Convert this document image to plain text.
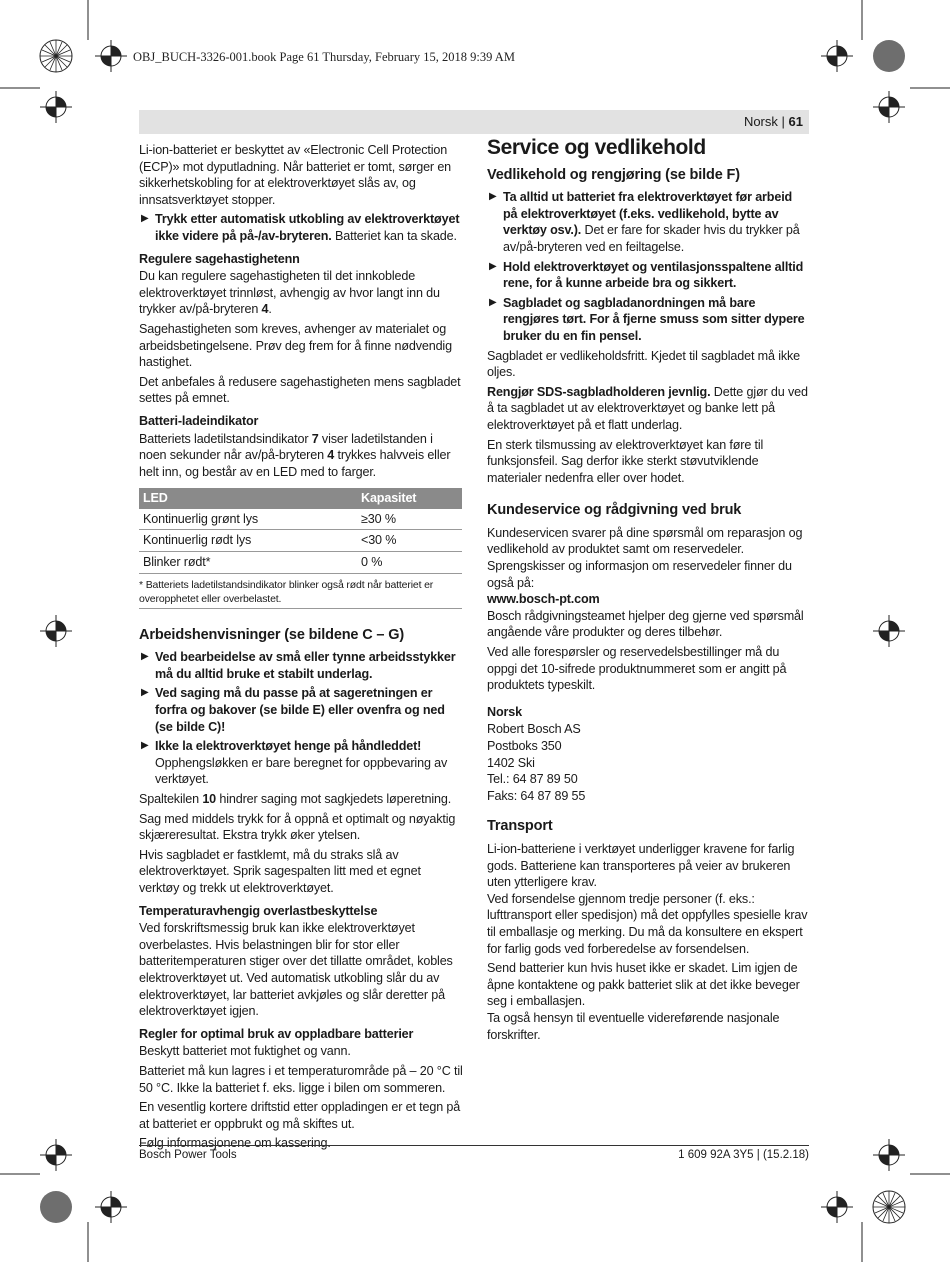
OBJ_BUCH-3326-001.book Page 61 Thursday, February 15, 2018 9:39 AM
Norsk | 61

Li-ion-batteriet er beskyttet av «Electronic Cell Protection (ECP)» mot dyputladning. Når batteriet er tomt, sørger en sikkerhetskobling for at elektroverktøyet slås av, og innsatsverktøyet stopper.

▶ Trykk etter automatisk utkobling av elektroverktøyet ikke videre på på-/av-bryteren. Batteriet kan ta skade.
Regulere sagehastighetenn

Du kan regulere sagehastigheten til det innkobledе elektroverktøyet trinnløst, avhengig av hvor langt inn du trykker av/på-bryteren 4.

Sagehastigheten som kreves, avhenger av materialet og arbeidsbetingelsene. Prøv deg frem for å finne nødvendig hastighet.

Det anbefales å redusere sagehastigheten mens sagbladet settes på emnet.

Batteri-ladeindikator

Batteriets ladetilstandsindikator 7 viser ladetilstanden i noen sekunder når av/på-bryteren 4 trykkes halvveis eller helt inn, og består av en LED med to farger.

LED	Kapasitet
Kontinuerlig grønt lys	≥30 %
Kontinuerlig rødt lys	<30 %
Blinker rødt*	0 %
* Batteriets ladetilstandsindikator blinker også rødt når batteriet er overopphetet eller overbelastet.
Arbeidshenvisninger (se bildene C – G)
▶ Ved bearbeidelse av små eller tynne arbeidsstykker må du alltid bruke et stabilt underlag.
▶ Ved saging må du passe på at sageretningen er forfra og bakover (se bilde E) eller ovenfra og ned (se bilde C)!
▶ Ikke la elektroverktøyet henge på håndleddet! Opphengsløkken er bare beregnet for oppbevaring av verktøyet.

Spaltekilen 10 hindrer saging mot sagkjedets løperetning.

Sag med middels trykk for å oppnå et optimalt og nøyaktig skjæreresultat. Ekstra trykk øker ytelsen.

Hvis sagbladet er fastklemt, må du straks slå av elektroverktøyet. Sprik sagespalten litt med et egnet verktøy og trekk ut elektroverktøyet.

Temperaturavhengig overlastbeskyttelse

Ved forskriftsmessig bruk kan ikke elektroverktøyet overbelastes. Hvis belastningen blir for stor eller batteritemperaturen stiger over det tillatte området, kobles elektroverktøyet ut. Ved automatisk utkobling slår du av elektroverktøyet, lar batteriet avkjøles og slår deretter på elektroverktøyet igjen.

Regler for optimal bruk av oppladbare batterier

Beskytt batteriet mot fuktighet og vann.

Batteriet må kun lagres i et temperaturområde på – 20 °C til 50 °C. Ikke la batteriet f. eks. ligge i bilen om sommeren.

En vesentlig kortere driftstid etter oppladingen er et tegn på at batteriet er oppbrukt og må skiftes ut.

Følg informasjonene om kassering.

Service og vedlikehold
Vedlikehold og rengjøring (se bilde F)
▶ Ta alltid ut batteriet fra elektroverktøyet før arbeid på elektroverktøyet (f.eks. vedlikehold, bytte av verktøy osv.). Det er fare for skader hvis du trykker på av/på-bryteren ved en feiltagelse.
▶ Hold elektroverktøyet og ventilasjonsspaltene alltid rene, for å kunne arbeide bra og sikkert.
▶ Sagbladet og sagbladanordningen må bare rengjøres tørt. For å fjerne smuss som sitter dypere bruker du en fin pensel.

Sagbladet er vedlikeholdsfritt. Kjedet til sagbladet må ikke oljes.

Rengjør SDS-sagbladholderen jevnlig. Dette gjør du ved å ta sagbladet ut av elektroverktøyet og banke lett på elektroverktøyet på et flatt underlag.

En sterk tilsmussing av elektroverktøyet kan føre til funksjonsfeil. Sag derfor ikke sterkt støvutviklende materialer nedenfra eller over hodet.

Kundeservice og rådgivning ved bruk

Kundeservicen svarer på dine spørsmål om reparasjon og vedlikehold av produktet samt om reservedeler. Sprengskisser og informasjon om reservedeler finner du også på:

www.bosch-pt.com

Bosch rådgivningsteamet hjelper deg gjerne ved spørsmål angående våre produkter og deres tilbehør.

Ved alle forespørsler og reservedelsbestillinger må du oppgi det 10-sifrede produktnummeret som er angitt på produktets typeskilt.

Norsk
Robert Bosch AS
Postboks 350
1402 Ski
Tel.: 64 87 89 50
Faks: 64 87 89 55
Transport

Li-ion-batteriene i verktøyet underligger kravene for farlig gods. Batteriene kan transporteres på veier av brukeren uten ytterligere krav.

Ved forsendelse gjennom tredje personer (f. eks.: lufttransport eller spedisjon) må det oppfylles spesielle krav til emballasje og merking. Du må da konsultere en ekspert for farlig gods ved forberedelse av forsendelsen.

Send batterier kun hvis huset ikke er skadet. Lim igjen de åpne kontaktene og pakk batteriet slik at det ikke beveger seg i emballasjen.

Ta også hensyn til eventuelle videreførende nasjonale forskrifter.

Bosch Power Tools	1 609 92A 3Y5 | (15.2.18)
